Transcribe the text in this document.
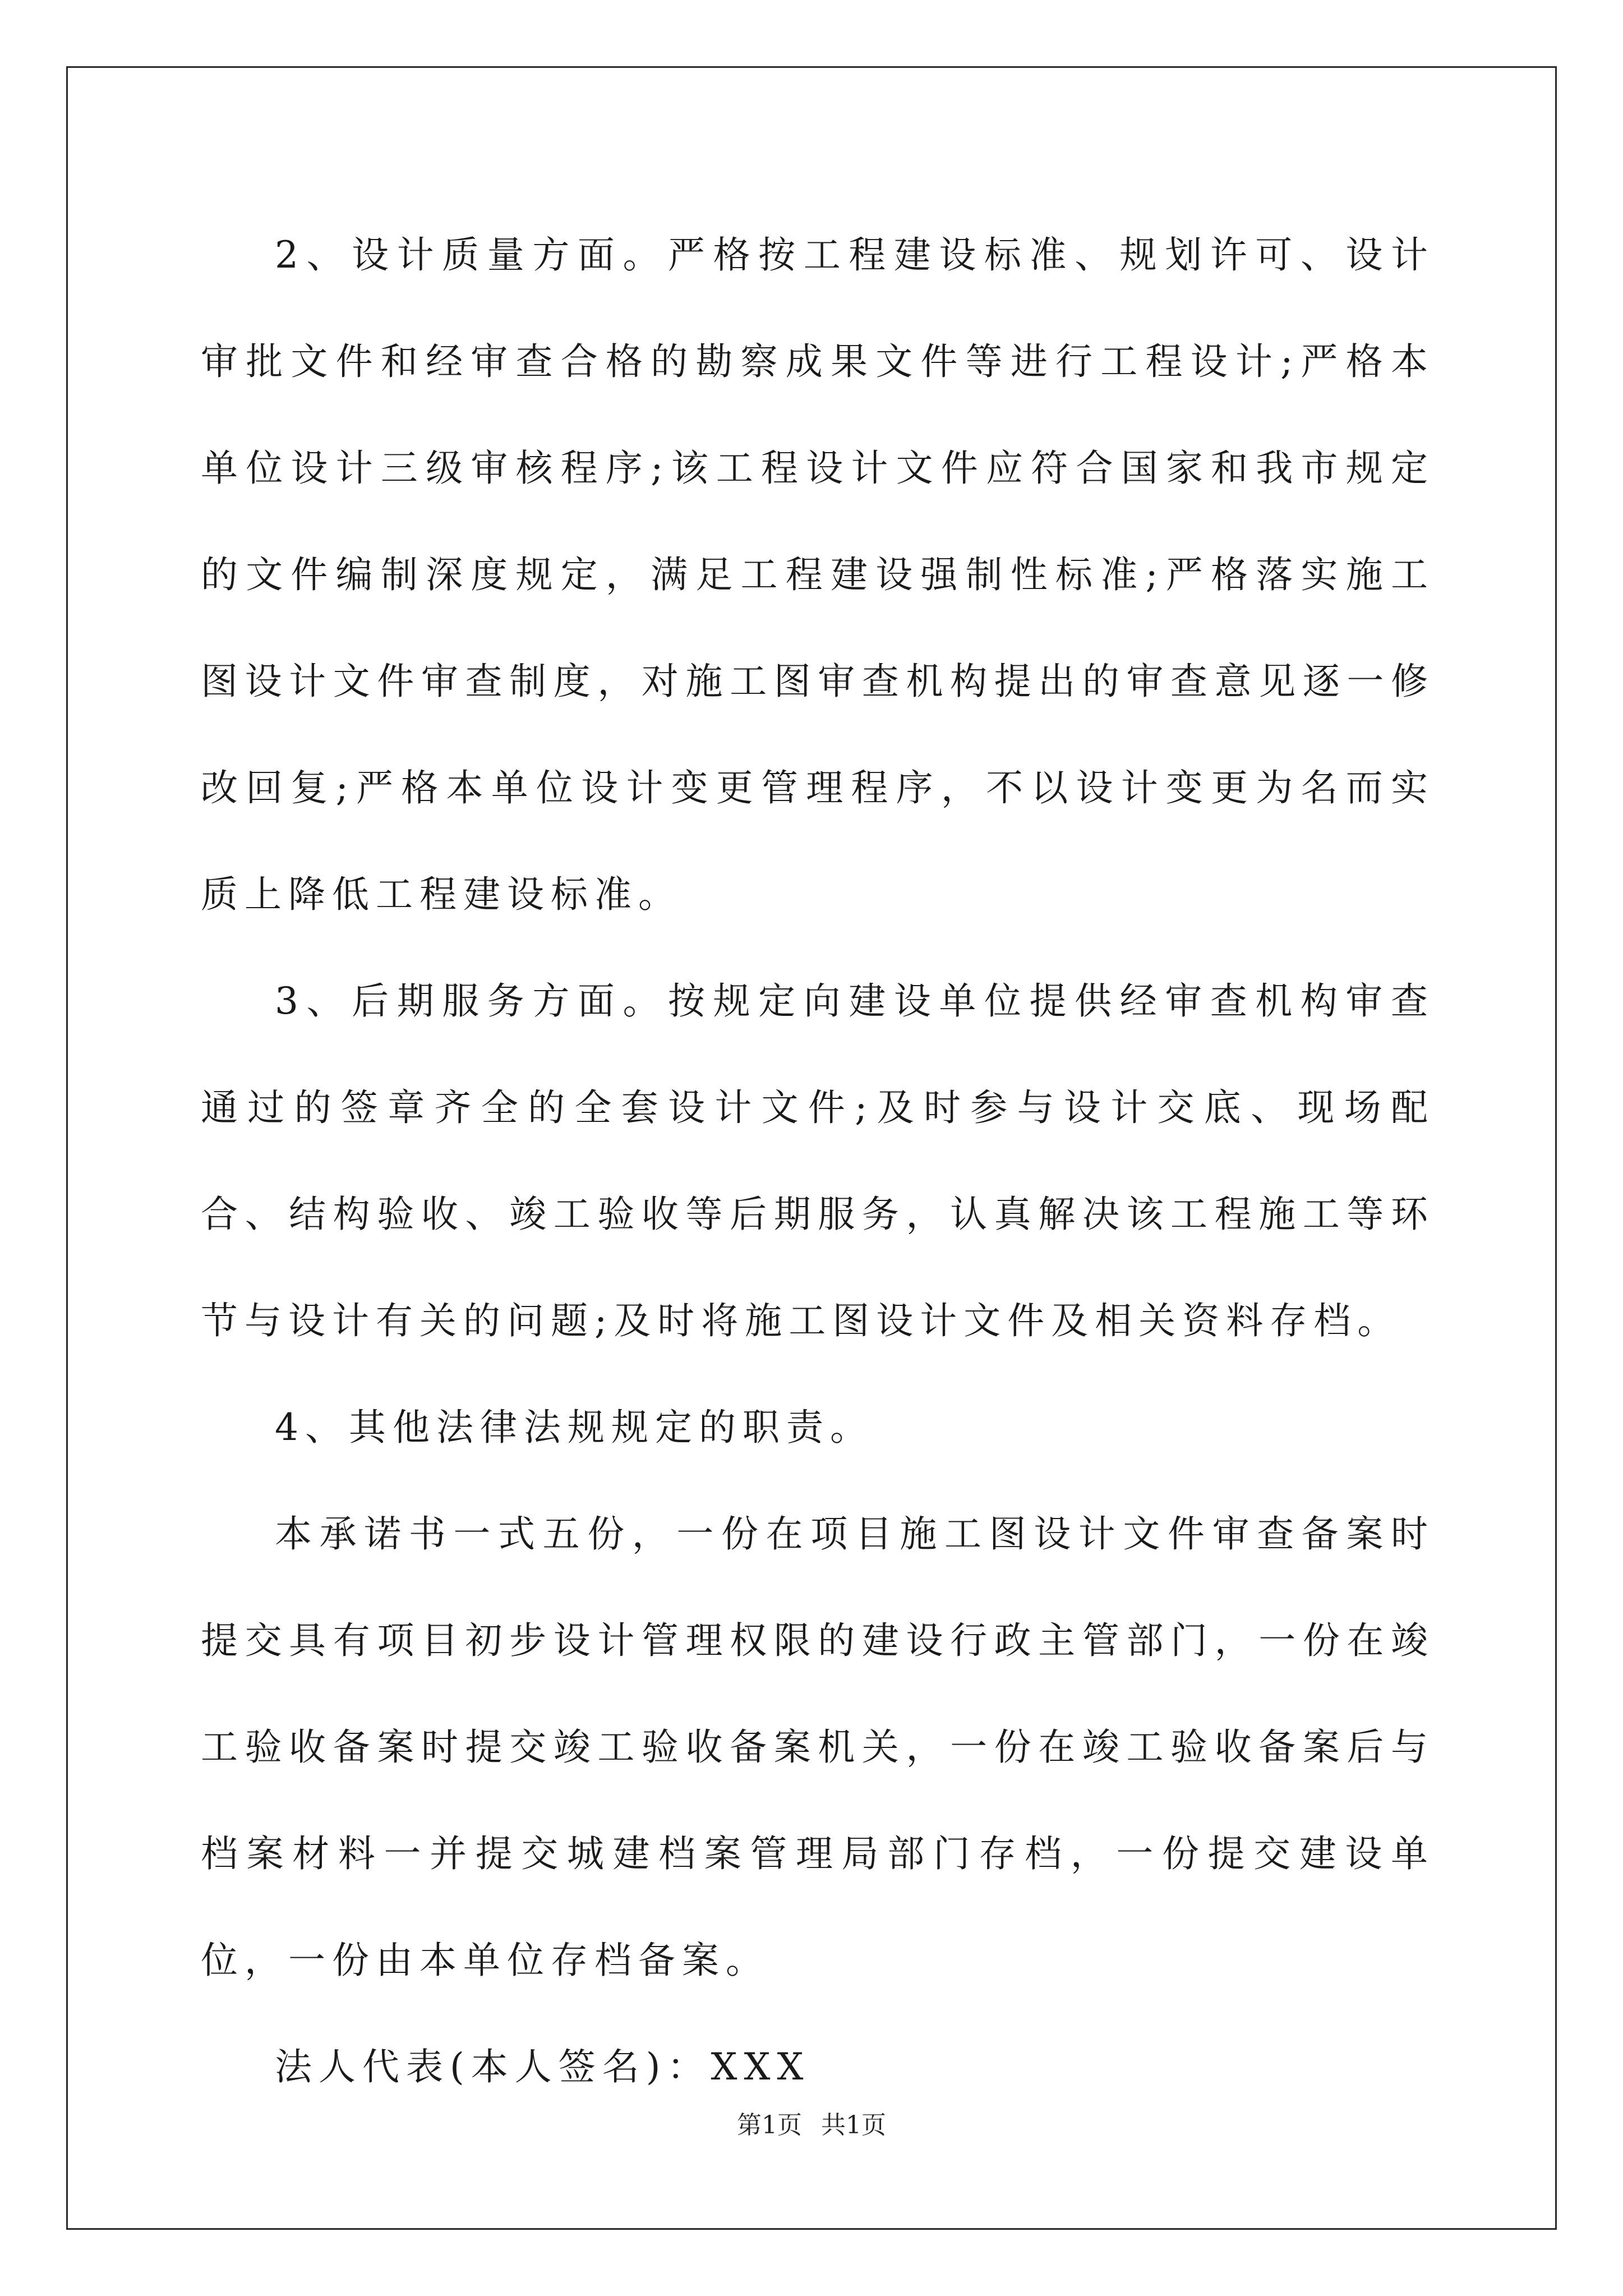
2、设计质量方面。严格按工程建设标准、规划许可、设计审批文件和经审查合格的勘察成果文件等进行工程设计;严格本单位设计三级审核程序;该工程设计文件应符合国家和我市规定的文件编制深度规定，满足工程建设强制性标准;严格落实施工图设计文件审查制度，对施工图审查机构提出的审查意见逐一修改回复;严格本单位设计变更管理程序，不以设计变更为名而实质上降低工程建设标准。

3、后期服务方面。按规定向建设单位提供经审查机构审查通过的签章齐全的全套设计文件;及时参与设计交底、现场配合、结构验收、竣工验收等后期服务，认真解决该工程施工等环节与设计有关的问题;及时将施工图设计文件及相关资料存档。

4、其他法律法规规定的职责。

本承诺书一式五份，一份在项目施工图设计文件审查备案时提交具有项目初步设计管理权限的建设行政主管部门，一份在竣工验收备案时提交竣工验收备案机关，一份在竣工验收备案后与档案材料一并提交城建档案管理局部门存档，一份提交建设单位，一份由本单位存档备案。

法人代表(本人签名)：XXX

第1页 共1页
